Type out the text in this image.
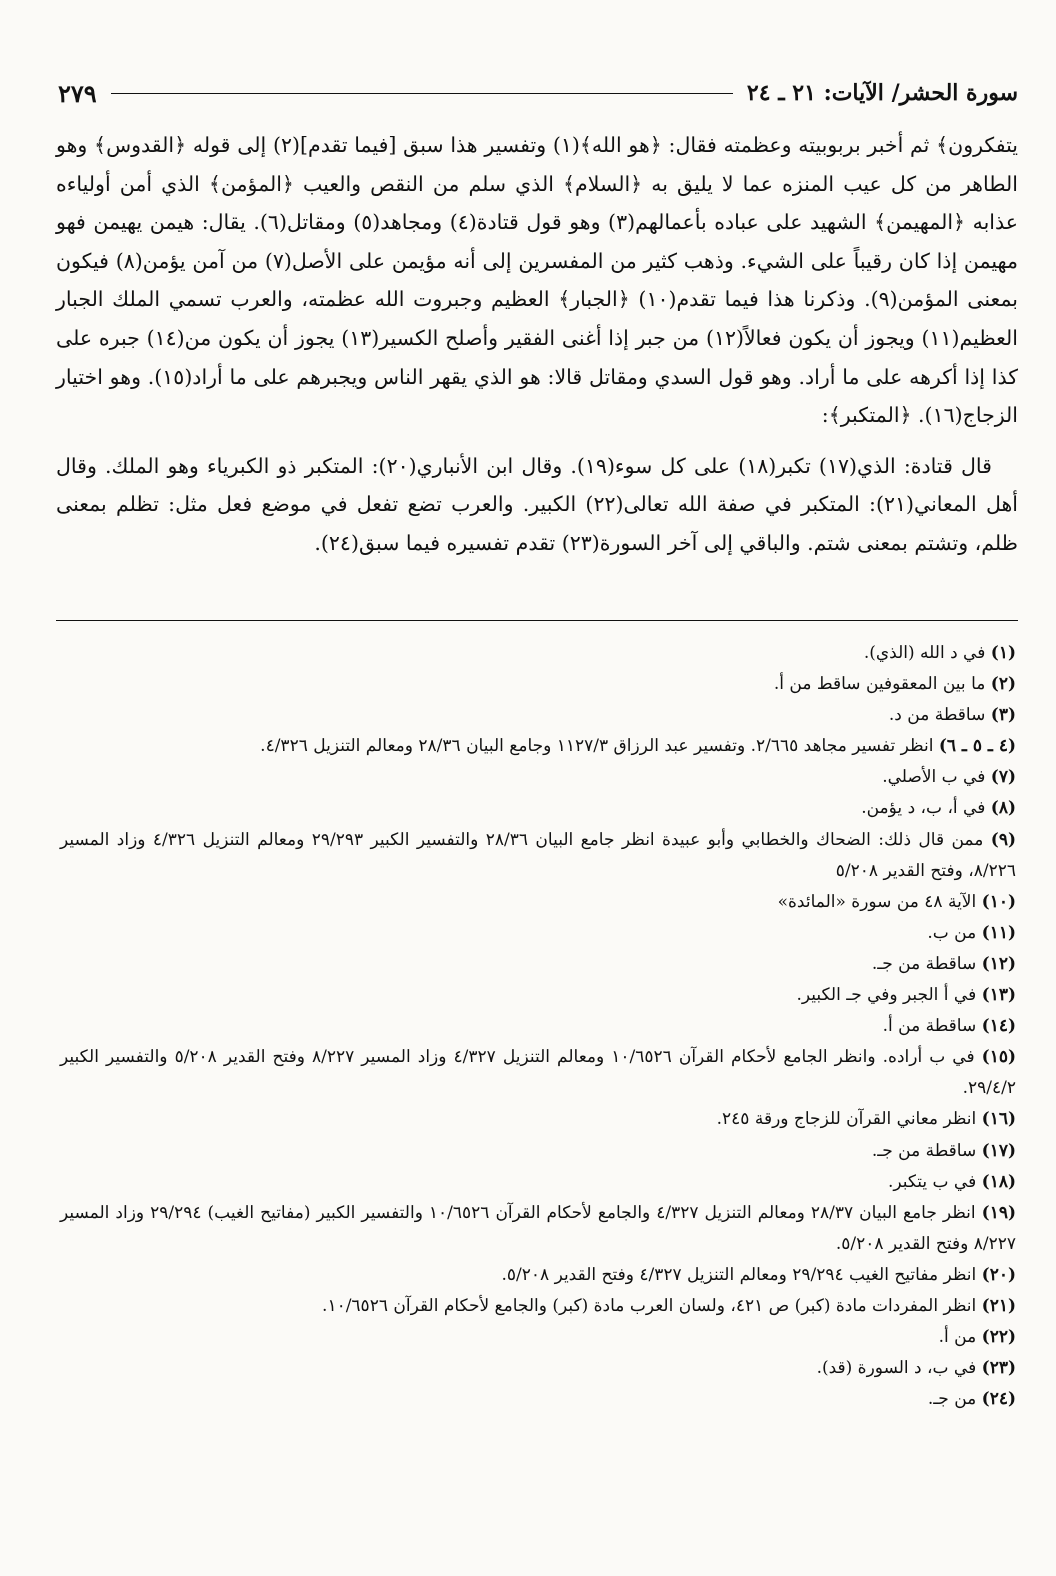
سورة الحشر/ الآيات: ٢١ ـ ٢٤
٢٧٩

يتفكرون﴾ ثم أخبر بربوبيته وعظمته فقال: ﴿هو الله﴾(١) وتفسير هذا سبق [فيما تقدم](٢) إلى قوله ﴿القدوس﴾ وهو الطاهر من كل عيب المنزه عما لا يليق به ﴿السلام﴾ الذي سلم من النقص والعيب ﴿المؤمن﴾ الذي أمن أولياءه عذابه ﴿المهيمن﴾ الشهيد على عباده بأعمالهم(٣) وهو قول قتادة(٤) ومجاهد(٥) ومقاتل(٦). يقال: هيمن يهيمن فهو مهيمن إذا كان رقيباً على الشيء. وذهب كثير من المفسرين إلى أنه مؤيمن على الأصل(٧) من آمن يؤمن(٨) فيكون بمعنى المؤمن(٩). وذكرنا هذا فيما تقدم(١٠) ﴿الجبار﴾ العظيم وجبروت الله عظمته، والعرب تسمي الملك الجبار العظيم(١١) ويجوز أن يكون فعالاً(١٢) من جبر إذا أغنى الفقير وأصلح الكسير(١٣) يجوز أن يكون من(١٤) جبره على كذا إذا أكرهه على ما أراد. وهو قول السدي ومقاتل قالا: هو الذي يقهر الناس ويجبرهم على ما أراد(١٥). وهو اختيار الزجاج(١٦). ﴿المتكبر﴾:

قال قتادة: الذي(١٧) تكبر(١٨) على كل سوء(١٩). وقال ابن الأنباري(٢٠): المتكبر ذو الكبرياء وهو الملك. وقال أهل المعاني(٢١): المتكبر في صفة الله تعالى(٢٢) الكبير. والعرب تضع تفعل في موضع فعل مثل: تظلم بمعنى ظلم، وتشتم بمعنى شتم. والباقي إلى آخر السورة(٢٣) تقدم تفسيره فيما سبق(٢٤).

(١) في د الله (الذي).
(٢) ما بين المعقوفين ساقط من أ.
(٣) ساقطة من د.
(٤ ـ ٥ ـ ٦) انظر تفسير مجاهد ٢/٦٦٥. وتفسير عبد الرزاق ١١٢٧/٣ وجامع البيان ٢٨/٣٦ ومعالم التنزيل ٤/٣٢٦.
(٧) في ب الأصلي.
(٨) في أ، ب، د يؤمن.
(٩) ممن قال ذلك: الضحاك والخطابي وأبو عبيدة انظر جامع البيان ٢٨/٣٦ والتفسير الكبير ٢٩/٢٩٣ ومعالم التنزيل ٤/٣٢٦ وزاد المسير ٨/٢٢٦، وفتح القدير ٥/٢٠٨
(١٠) الآية ٤٨ من سورة «المائدة»
(١١) من ب.
(١٢) ساقطة من جـ.
(١٣) في أ الجبر وفي جـ الكبير.
(١٤) ساقطة من أ.
(١٥) في ب أراده. وانظر الجامع لأحكام القرآن ١٠/٦٥٢٦ ومعالم التنزيل ٤/٣٢٧ وزاد المسير ٨/٢٢٧ وفتح القدير ٥/٢٠٨ والتفسير الكبير ٢٩/٤/٢.
(١٦) انظر معاني القرآن للزجاج ورقة ٢٤٥.
(١٧) ساقطة من جـ.
(١٨) في ب يتكبر.
(١٩) انظر جامع البيان ٢٨/٣٧ ومعالم التنزيل ٤/٣٢٧ والجامع لأحكام القرآن ١٠/٦٥٢٦ والتفسير الكبير (مفاتيح الغيب) ٢٩/٢٩٤ وزاد المسير ٨/٢٢٧ وفتح القدير ٥/٢٠٨.
(٢٠) انظر مفاتيح الغيب ٢٩/٢٩٤ ومعالم التنزيل ٤/٣٢٧ وفتح القدير ٥/٢٠٨.
(٢١) انظر المفردات مادة (كبر) ص ٤٢١، ولسان العرب مادة (كبر) والجامع لأحكام القرآن ١٠/٦٥٢٦.
(٢٢) من أ.
(٢٣) في ب، د السورة (قد).
(٢٤) من جـ.
